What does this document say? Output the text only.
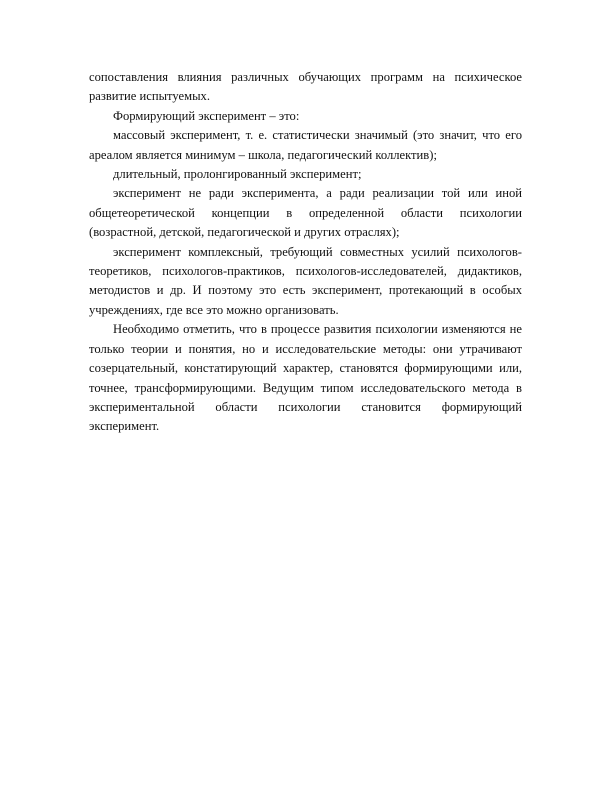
сопоставления влияния различных обучающих программ на психическое развитие испытуемых.

Формирующий эксперимент – это:

массовый эксперимент, т. е. статистически значимый (это значит, что его ареалом является минимум – школа, педагогический коллектив);

длительный, пролонгированный эксперимент;

эксперимент не ради эксперимента, а ради реализации той или иной общетеоретической концепции в определенной области психологии (возрастной, детской, педагогической и других отраслях);

эксперимент комплексный, требующий совместных усилий психологов-теоретиков, психологов-практиков, психологов-исследователей, дидактиков, методистов и др. И поэтому это есть эксперимент, протекающий в особых учреждениях, где все это можно организовать.

Необходимо отметить, что в процессе развития психологии изменяются не только теории и понятия, но и исследовательские методы: они утрачивают созерцательный, констатирующий характер, становятся формирующими или, точнее, трансформирующими. Ведущим типом исследовательского метода в экспериментальной области психологии становится формирующий эксперимент.
